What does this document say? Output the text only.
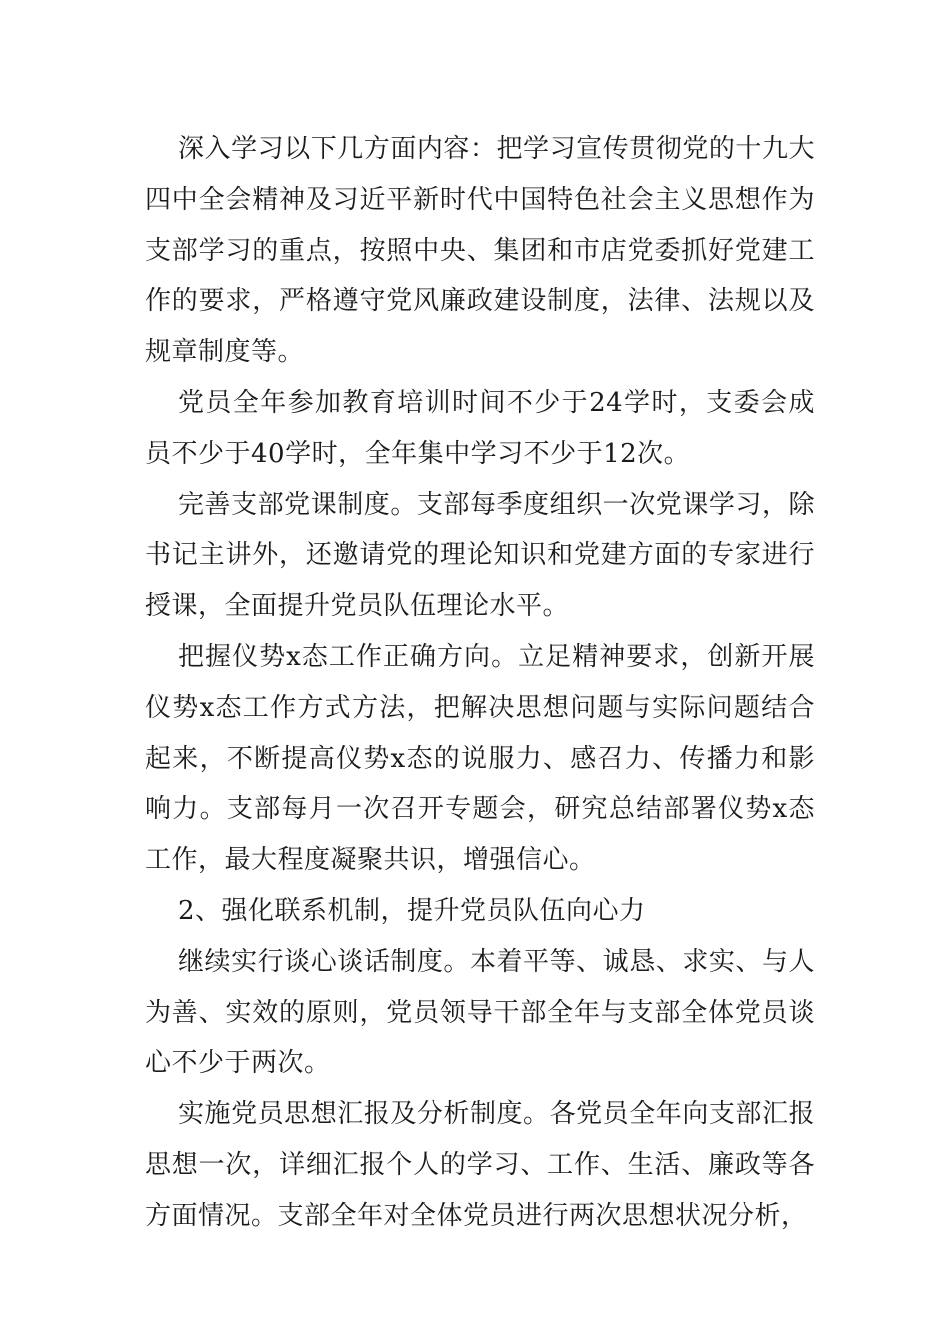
深入学习以下几方面内容：把学习宣传贯彻党的十九大四中全会精神及习近平新时代中国特色社会主义思想作为支部学习的重点，按照中央、集团和市店党委抓好党建工作的要求，严格遵守党风廉政建设制度，法律、法规以及规章制度等。

党员全年参加教育培训时间不少于24学时，支委会成员不少于40学时，全年集中学习不少于12次。

完善支部党课制度。支部每季度组织一次党课学习，除书记主讲外，还邀请党的理论知识和党建方面的专家进行授课，全面提升党员队伍理论水平。

把握仪势x态工作正确方向。立足精神要求，创新开展仪势x态工作方式方法，把解决思想问题与实际问题结合起来，不断提高仪势x态的说服力、感召力、传播力和影响力。支部每月一次召开专题会，研究总结部署仪势x态工作，最大程度凝聚共识，增强信心。

2、强化联系机制，提升党员队伍向心力

继续实行谈心谈话制度。本着平等、诚恳、求实、与人为善、实效的原则，党员领导干部全年与支部全体党员谈心不少于两次。

实施党员思想汇报及分析制度。各党员全年向支部汇报思想一次，详细汇报个人的学习、工作、生活、廉政等各方面情况。支部全年对全体党员进行两次思想状况分析，
